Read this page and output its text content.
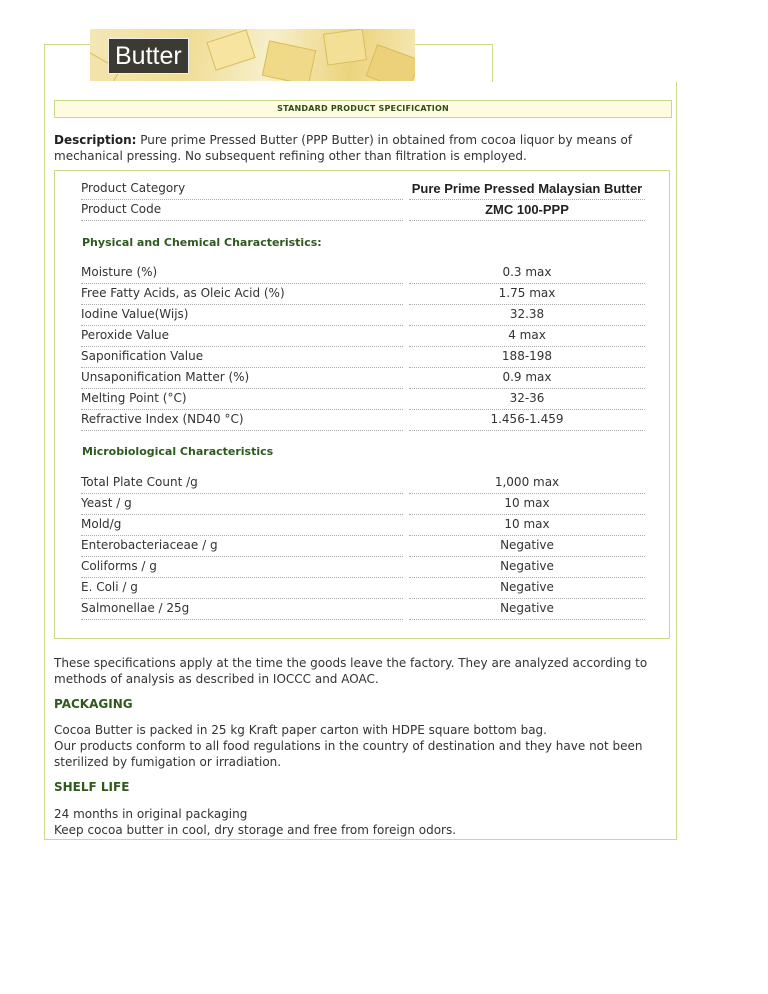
Butter
STANDARD PRODUCT SPECIFICATION
Description: Pure prime Pressed Butter (PPP Butter) in obtained from cocoa liquor by means of mechanical pressing. No subsequent refining other than filtration is employed.
Product Category	Pure Prime Pressed Malaysian Butter
Product Code	ZMC 100-PPP
Physical and Chemical Characteristics:
Moisture (%)	0.3 max
Free Fatty Acids, as Oleic Acid (%)	1.75 max
Iodine Value(Wijs)	32.38
Peroxide Value	4 max
Saponification Value	188-198
Unsaponification Matter (%)	0.9 max
Melting Point (°C)	32-36
Refractive Index (ND40 °C)	1.456-1.459
Microbiological Characteristics
Total Plate Count /g	1,000 max
Yeast / g	10 max
Mold/g	10 max
Enterobacteriaceae / g	Negative
Coliforms / g	Negative
E. Coli / g	Negative
Salmonellae / 25g	Negative
These specifications apply at the time the goods leave the factory. They are analyzed according to methods of analysis as described in IOCCC and AOAC.
PACKAGING
Cocoa Butter is packed in 25 kg Kraft paper carton with HDPE square bottom bag.
Our products conform to all food regulations in the country of destination and they have not been sterilized by fumigation or irradiation.
SHELF LIFE
24 months in original packaging
Keep cocoa butter in cool, dry storage and free from foreign odors.
